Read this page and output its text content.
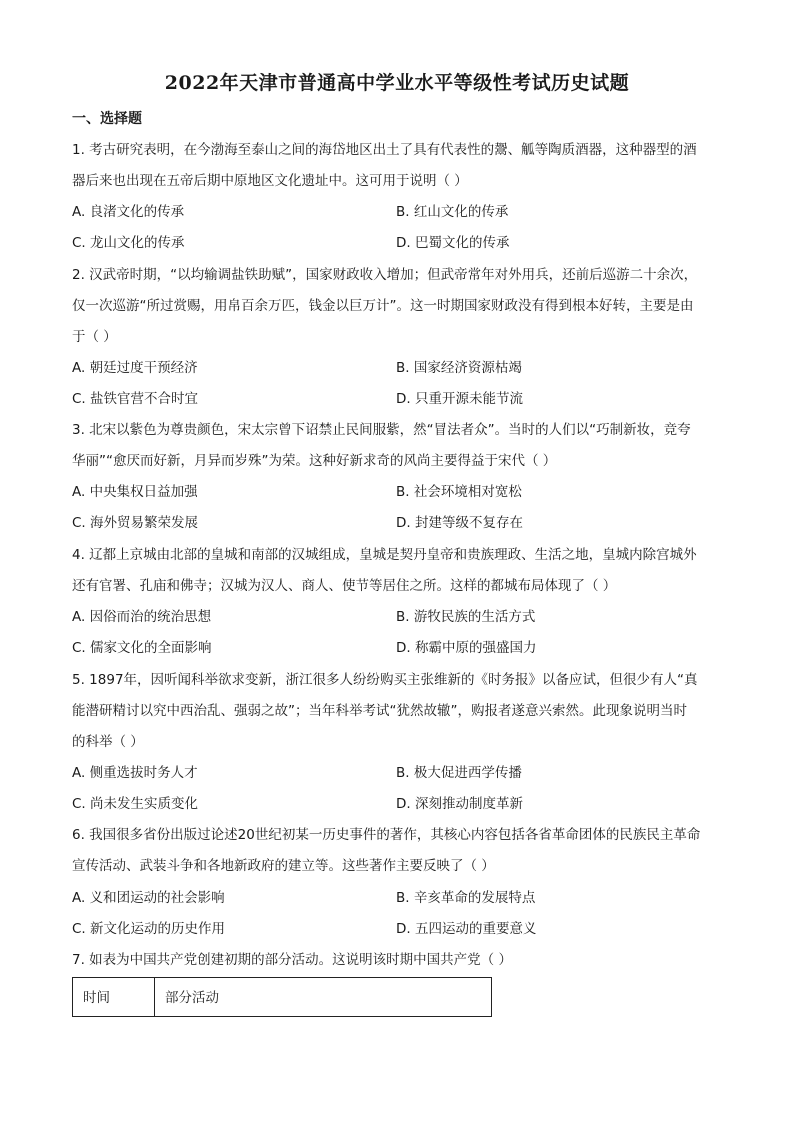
2022年天津市普通高中学业水平等级性考试历史试题
一、选择题
1. 考古研究表明，在今渤海至泰山之间的海岱地区出土了具有代表性的鬶、觚等陶质酒器，这种器型的酒
器后来也出现在五帝后期中原地区文化遗址中。这可用于说明（ ）
A. 良渚文化的传承	B. 红山文化的传承
C. 龙山文化的传承	D. 巴蜀文化的传承
2. 汉武帝时期，“以均输调盐铁助赋”，国家财政收入增加；但武帝常年对外用兵，还前后巡游二十余次，
仅一次巡游“所过赏赐，用帛百余万匹，钱金以巨万计”。这一时期国家财政没有得到根本好转，主要是由
于（ ）
A. 朝廷过度干预经济	B. 国家经济资源枯竭
C. 盐铁官营不合时宜	D. 只重开源未能节流
3. 北宋以紫色为尊贵颜色，宋太宗曾下诏禁止民间服紫，然“冒法者众”。当时的人们以“巧制新妆，竞夸
华丽”“愈厌而好新，月异而岁殊”为荣。这种好新求奇的风尚主要得益于宋代（ ）
A. 中央集权日益加强	B. 社会环境相对宽松
C. 海外贸易繁荣发展	D. 封建等级不复存在
4. 辽都上京城由北部的皇城和南部的汉城组成，皇城是契丹皇帝和贵族理政、生活之地，皇城内除宫城外
还有官署、孔庙和佛寺；汉城为汉人、商人、使节等居住之所。这样的都城布局体现了（ ）
A. 因俗而治的统治思想	B. 游牧民族的生活方式
C. 儒家文化的全面影响	D. 称霸中原的强盛国力
5. 1897年，因听闻科举欲求变新，浙江很多人纷纷购买主张维新的《时务报》以备应试，但很少有人“真
能潜研精讨以究中西治乱、强弱之故”；当年科举考试“犹然故辙”，购报者遂意兴索然。此现象说明当时
的科举（ ）
A. 侧重选拔时务人才	B. 极大促进西学传播
C. 尚未发生实质变化	D. 深刻推动制度革新
6. 我国很多省份出版过论述20世纪初某一历史事件的著作，其核心内容包括各省革命团体的民族民主革命
宣传活动、武装斗争和各地新政府的建立等。这些著作主要反映了（ ）
A. 义和团运动的社会影响	B. 辛亥革命的发展特点
C. 新文化运动的历史作用	D. 五四运动的重要意义
7. 如表为中国共产党创建初期的部分活动。这说明该时期中国共产党（ ）
时间	部分活动
